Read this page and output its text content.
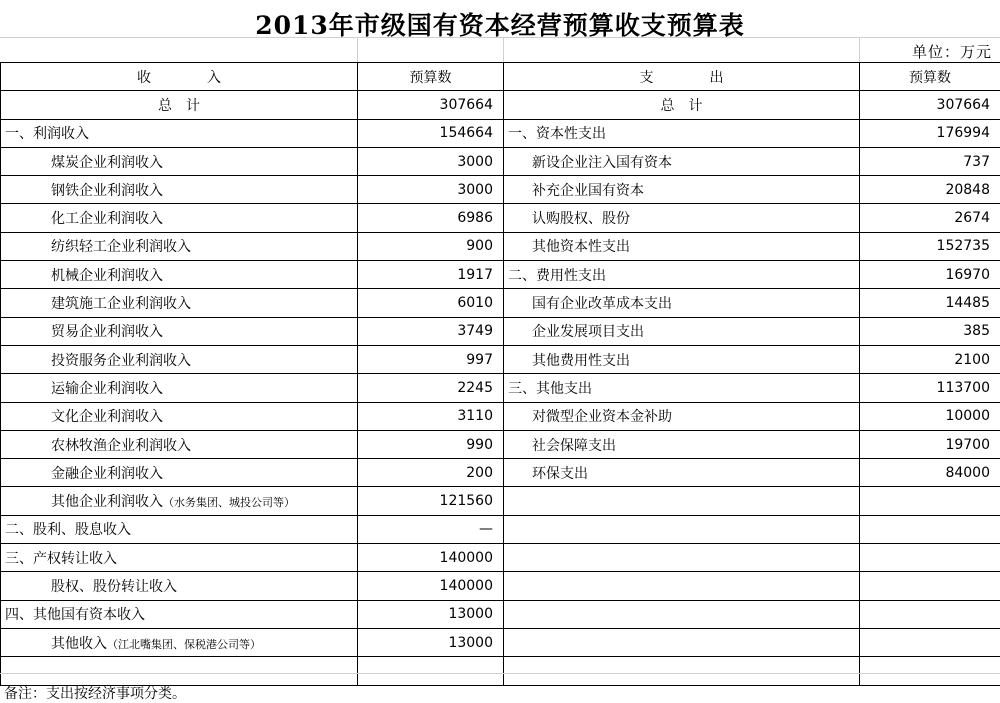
2013年市级国有资本经营预算收支预算表
单位：万元
收　　　　入	预算数	支　　　　出	预算数
总　计	307664	总　计	307664
一、利润收入	154664	一、资本性支出	176994
煤炭企业利润收入	3000	新设企业注入国有资本	737
钢铁企业利润收入	3000	补充企业国有资本	20848
化工企业利润收入	6986	认购股权、股份	2674
纺织轻工企业利润收入	900	其他资本性支出	152735
机械企业利润收入	1917	二、费用性支出	16970
建筑施工企业利润收入	6010	国有企业改革成本支出	14485
贸易企业利润收入	3749	企业发展项目支出	385
投资服务企业利润收入	997	其他费用性支出	2100
运输企业利润收入	2245	三、其他支出	113700
文化企业利润收入	3110	对微型企业资本金补助	10000
农林牧渔企业利润收入	990	社会保障支出	19700
金融企业利润收入	200	环保支出	84000
其他企业利润收入（水务集团、城投公司等）	121560		
二、股利、股息收入	—		
三、产权转让收入	140000		
股权、股份转让收入	140000		
四、其他国有资本收入	13000		
其他收入（江北嘴集团、保税港公司等）	13000		

备注：支出按经济事项分类。
